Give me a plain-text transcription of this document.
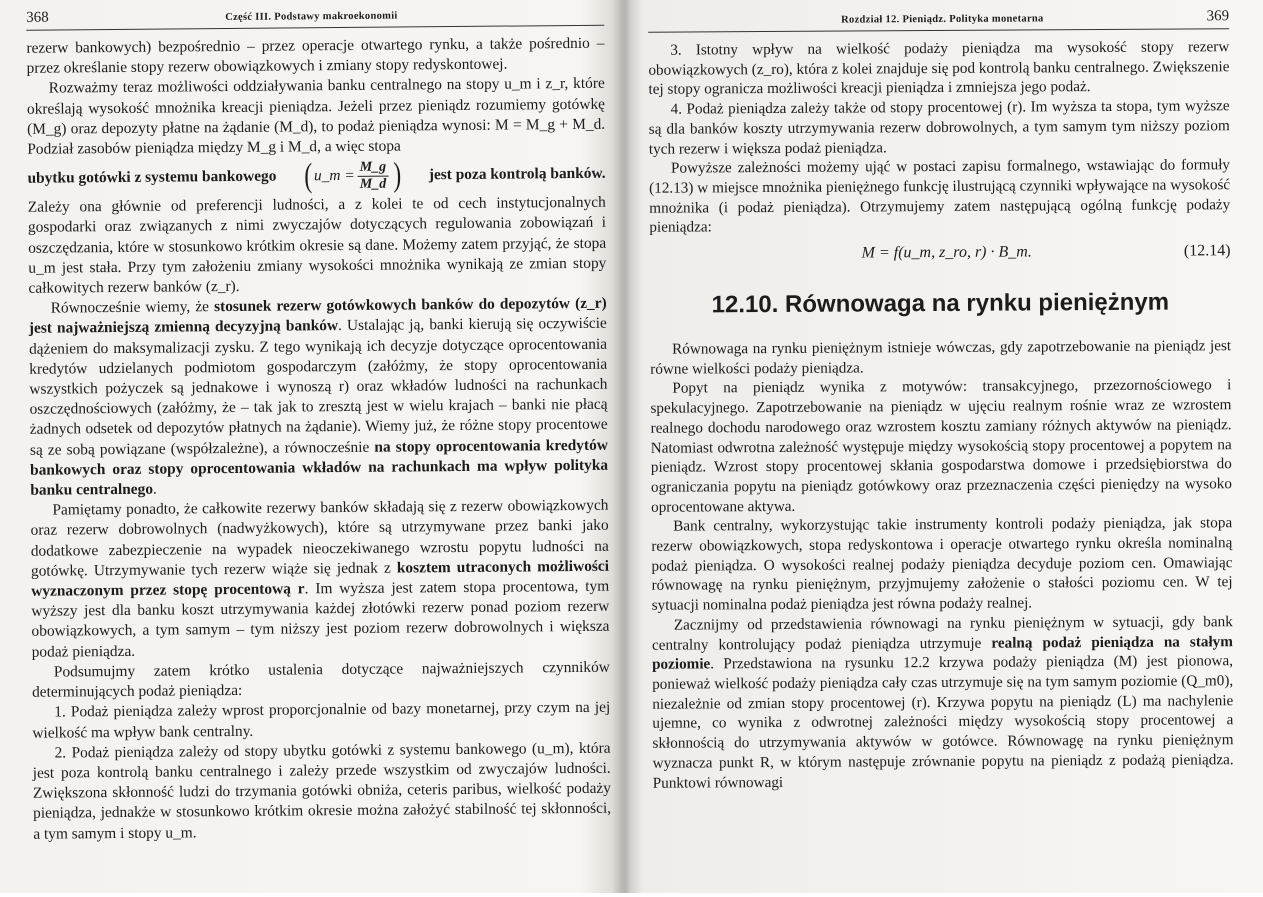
368	Część III. Podstawy makroekonomii

rezerw bankowych) bezpośrednio – przez operacje otwartego rynku, a także pośrednio – przez określanie stopy rezerw obowiązkowych i zmiany stopy redyskontowej.

Rozważmy teraz możliwości oddziaływania banku centralnego na stopy u_m i z_r, które określają wysokość mnożnika kreacji pieniądza. Jeżeli przez pieniądz rozumiemy gotówkę (M_g) oraz depozyty płatne na żądanie (M_d), to podaż pieniądza wynosi: M = M_g + M_d. Podział zasobów pieniądza między M_g i M_d, a więc stopa

ubytku gotówki z systemu bankowego ( u_m = $\frac{M\_g}{M\_d}$ ) jest poza kontrolą banków.

Zależy ona głównie od preferencji ludności, a z kolei te od cech instytucjonalnych gospodarki oraz związanych z nimi zwyczajów dotyczących regulowania zobowiązań i oszczędzania, które w stosunkowo krótkim okresie są dane. Możemy zatem przyjąć, że stopa u_m jest stała. Przy tym założeniu zmiany wysokości mnożnika wynikają ze zmian stopy całkowitych rezerw banków (z_r).

Równocześnie wiemy, że stosunek rezerw gotówkowych banków do depozytów (z_r) jest najważniejszą zmienną decyzyjną banków. Ustalając ją, banki kierują się oczywiście dążeniem do maksymalizacji zysku. Z tego wynikają ich decyzje dotyczące oprocentowania kredytów udzielanych podmiotom gospodarczym (załóżmy, że stopy oprocentowania wszystkich pożyczek są jednakowe i wynoszą r) oraz wkładów ludności na rachunkach oszczędnościowych (załóżmy, że – tak jak to zresztą jest w wielu krajach – banki nie płacą żadnych odsetek od depozytów płatnych na żądanie). Wiemy już, że różne stopy procentowe są ze sobą powiązane (współzależne), a równocześnie na stopy oprocentowania kredytów bankowych oraz stopy oprocentowania wkładów na rachunkach ma wpływ polityka banku centralnego.

Pamiętamy ponadto, że całkowite rezerwy banków składają się z rezerw obowiązkowych oraz rezerw dobrowolnych (nadwyżkowych), które są utrzymywane przez banki jako dodatkowe zabezpieczenie na wypadek nieoczekiwanego wzrostu popytu ludności na gotówkę. Utrzymywanie tych rezerw wiąże się jednak z kosztem utraconych możliwości wyznaczonym przez stopę procentową r. Im wyższa jest zatem stopa procentowa, tym wyższy jest dla banku koszt utrzymywania każdej złotówki rezerw ponad poziom rezerw obowiązkowych, a tym samym – tym niższy jest poziom rezerw dobrowolnych i większa podaż pieniądza.

Podsumujmy zatem krótko ustalenia dotyczące najważniejszych czynników determinujących podaż pieniądza:

1. Podaż pieniądza zależy wprost proporcjonalnie od bazy monetarnej, przy czym na jej wielkość ma wpływ bank centralny.

2. Podaż pieniądza zależy od stopy ubytku gotówki z systemu bankowego (u_m), która jest poza kontrolą banku centralnego i zależy przede wszystkim od zwyczajów ludności. Zwiększona skłonność ludzi do trzymania gotówki obniża, ceteris paribus, wielkość podaży pieniądza, jednakże w stosunkowo krótkim okresie można założyć stabilność tej skłonności, a tym samym i stopy u_m.

Rozdział 12. Pieniądz. Polityka monetarna	369

3. Istotny wpływ na wielkość podaży pieniądza ma wysokość stopy rezerw obowiązkowych (z_ro), która z kolei znajduje się pod kontrolą banku centralnego. Zwiększenie tej stopy ogranicza możliwości kreacji pieniądza i zmniejsza jego podaż.

4. Podaż pieniądza zależy także od stopy procentowej (r). Im wyższa ta stopa, tym wyższe są dla banków koszty utrzymywania rezerw dobrowolnych, a tym samym tym niższy poziom tych rezerw i większa podaż pieniądza.

Powyższe zależności możemy ująć w postaci zapisu formalnego, wstawiając do formuły (12.13) w miejsce mnożnika pieniężnego funkcję ilustrującą czynniki wpływające na wysokość mnożnika (i podaż pieniądza). Otrzymujemy zatem następującą ogólną funkcję podaży pieniądza:

M = f(u_m, z_ro, r) · B_m.	(12.14)
12.10. Równowaga na rynku pieniężnym

Równowaga na rynku pieniężnym istnieje wówczas, gdy zapotrzebowanie na pieniądz jest równe wielkości podaży pieniądza.

Popyt na pieniądz wynika z motywów: transakcyjnego, przezornościowego i spekulacyjnego. Zapotrzebowanie na pieniądz w ujęciu realnym rośnie wraz ze wzrostem realnego dochodu narodowego oraz wzrostem kosztu zamiany różnych aktywów na pieniądz. Natomiast odwrotna zależność występuje między wysokością stopy procentowej a popytem na pieniądz. Wzrost stopy procentowej skłania gospodarstwa domowe i przedsiębiorstwa do ograniczania popytu na pieniądz gotówkowy oraz przeznaczenia części pieniędzy na wysoko oprocentowane aktywa.

Bank centralny, wykorzystując takie instrumenty kontroli podaży pieniądza, jak stopa rezerw obowiązkowych, stopa redyskontowa i operacje otwartego rynku określa nominalną podaż pieniądza. O wysokości realnej podaży pieniądza decyduje poziom cen. Omawiając równowagę na rynku pieniężnym, przyjmujemy założenie o stałości poziomu cen. W tej sytuacji nominalna podaż pieniądza jest równa podaży realnej.

Zacznijmy od przedstawienia równowagi na rynku pieniężnym w sytuacji, gdy bank centralny kontrolujący podaż pieniądza utrzymuje realną podaż pieniądza na stałym poziomie. Przedstawiona na rysunku 12.2 krzywa podaży pieniądza (M) jest pionowa, ponieważ wielkość podaży pieniądza cały czas utrzymuje się na tym samym poziomie (Q_m0), niezależnie od zmian stopy procentowej (r). Krzywa popytu na pieniądz (L) ma nachylenie ujemne, co wynika z odwrotnej zależności między wysokością stopy procentowej a skłonnością do utrzymywania aktywów w gotówce. Równowagę na rynku pieniężnym wyznacza punkt R, w którym następuje zrównanie popytu na pieniądz z podażą pieniądza. Punktowi równowagi
